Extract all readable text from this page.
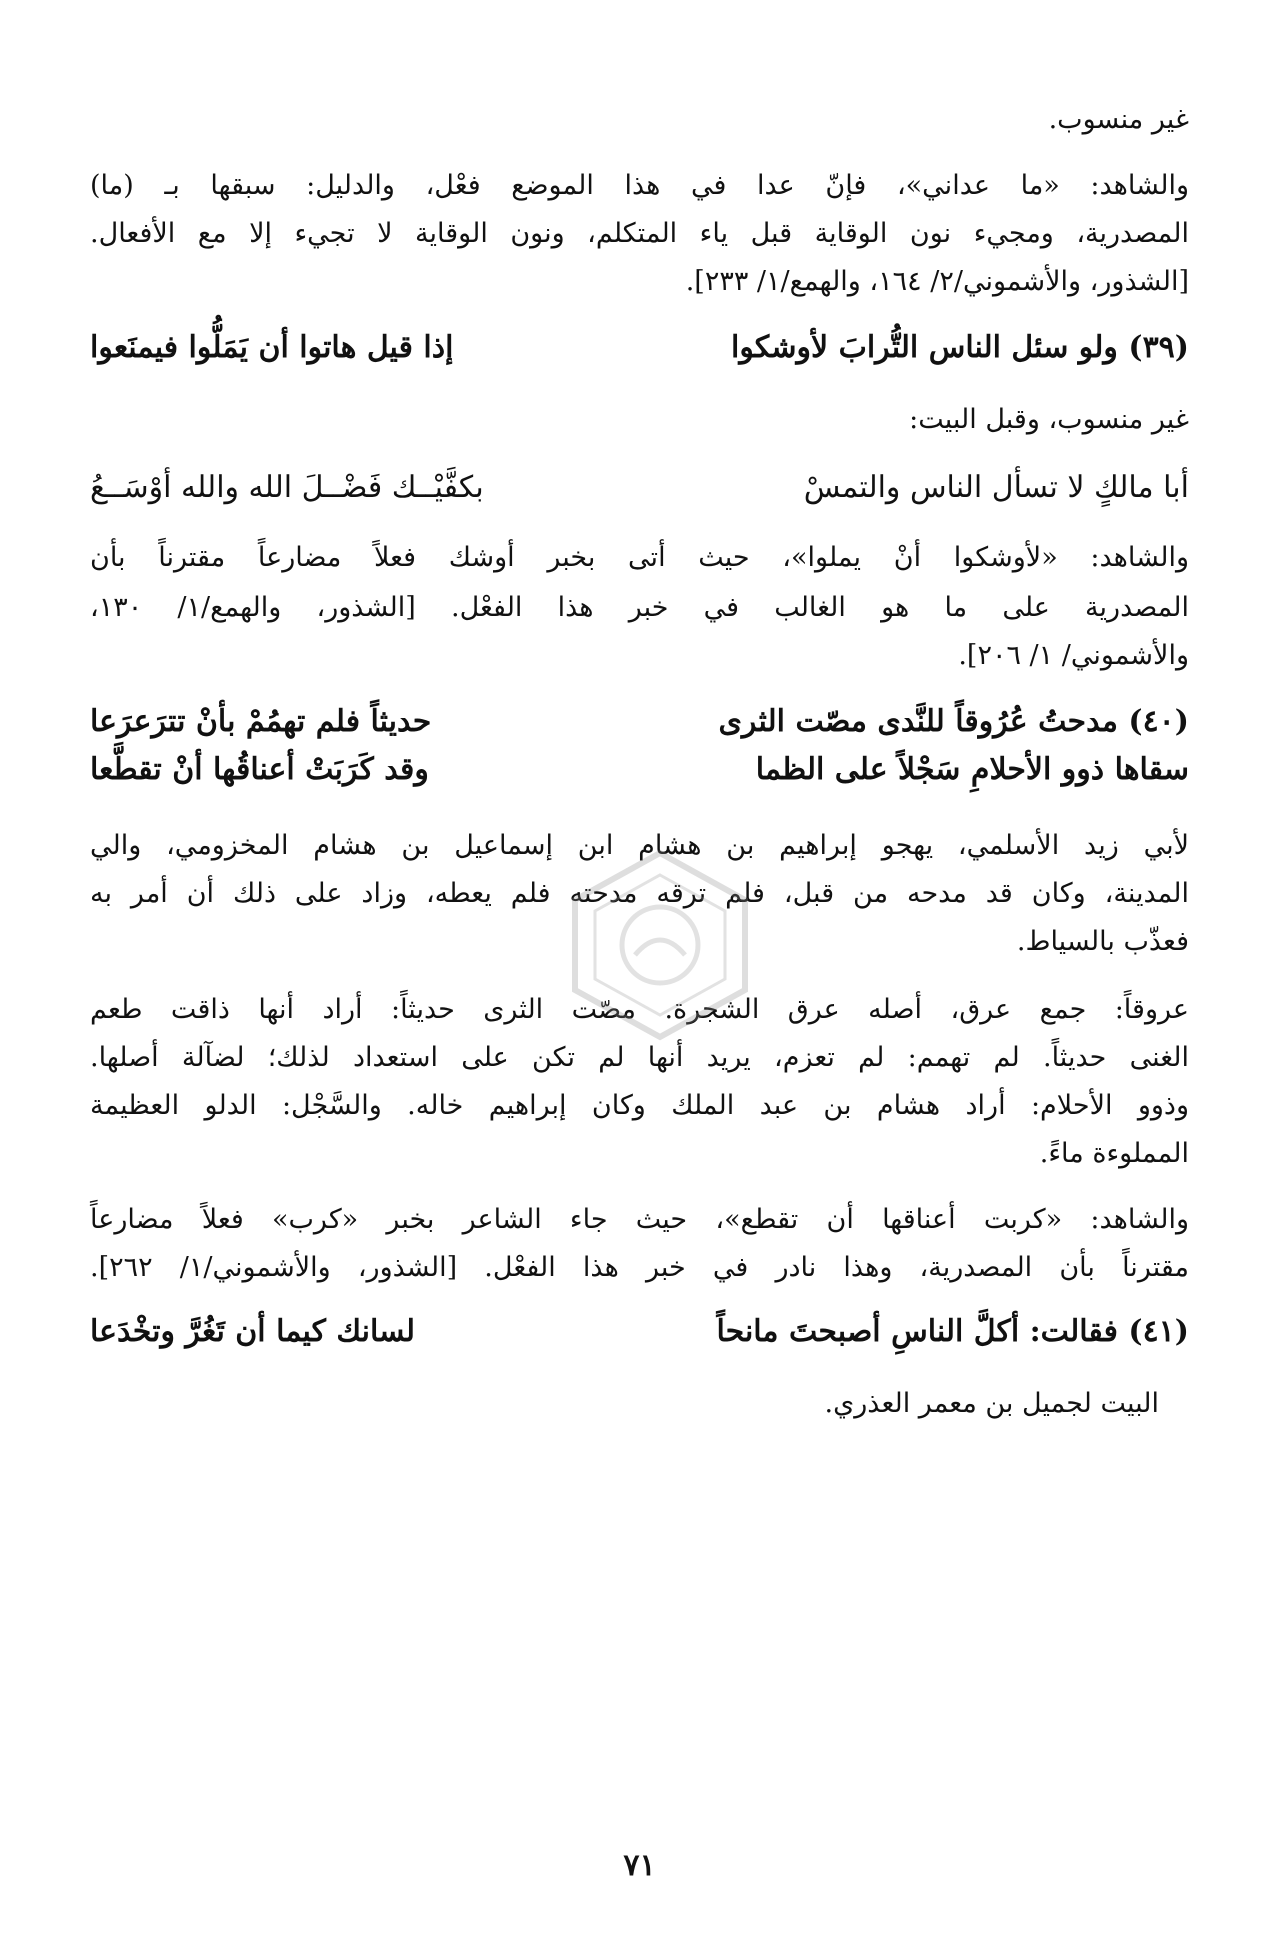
غير منسوب.
والشاهد: «ما عداني»، فإنّ عدا في هذا الموضع فعْل، والدليل: سبقها بـ (ما)
المصدرية، ومجيء نون الوقاية قبل ياء المتكلم، ونون الوقاية لا تجيء إلا مع الأفعال.
[الشذور، والأشموني/٢/ ١٦٤، والهمع/١/ ٢٣٣].
(٣٩) ولو سئل الناس التُّرابَ لأوشكوا
إذا قيل هاتوا أن يَمَلُّوا فيمنَعوا
غير منسوب، وقبل البيت:
أبا مالكٍ لا تسأل الناس والتمسْ
بكفَّيْــك فَضْــلَ الله والله أوْسَــعُ
والشاهد: «لأوشكوا أنْ يملوا»، حيث أتى بخبر أوشك فعلاً مضارعاً مقترناً بأن
المصدرية على ما هو الغالب في خبر هذا الفعْل. [الشذور، والهمع/١/ ١٣٠،
والأشموني/ ١/ ٢٠٦].
(٤٠) مدحتُ عُرُوقاً للنَّدى مصّت الثرى
حديثاً فلم تهمُمْ بأنْ تترَعرَعا
سقاها ذوو الأحلامِ سَجْلاً على الظما
وقد كَرَبَتْ أعناقُها أنْ تقطَّعا
لأبي زيد الأسلمي، يهجو إبراهيم بن هشام ابن إسماعيل بن هشام المخزومي، والي
المدينة، وكان قد مدحه من قبل، فلم ترقه مدحته فلم يعطه، وزاد على ذلك أن أمر به
فعذّب بالسياط.
عروقاً: جمع عرق، أصله عرق الشجرة. مصّت الثرى حديثاً: أراد أنها ذاقت طعم
الغنى حديثاً. لم تهمم: لم تعزم، يريد أنها لم تكن على استعداد لذلك؛ لضآلة أصلها.
وذوو الأحلام: أراد هشام بن عبد الملك وكان إبراهيم خاله. والسَّجْل: الدلو العظيمة
المملوءة ماءً.
والشاهد: «كربت أعناقها أن تقطع»، حيث جاء الشاعر بخبر «كرب» فعلاً مضارعاً
مقترناً بأن المصدرية، وهذا نادر في خبر هذا الفعْل. [الشذور، والأشموني/١/ ٢٦٢].
(٤١) فقالت: أكلَّ الناسِ أصبحتَ مانحاً
لسانك كيما أن تَغُرَّ وتخْدَعا
البيت لجميل بن معمر العذري.
٧١
